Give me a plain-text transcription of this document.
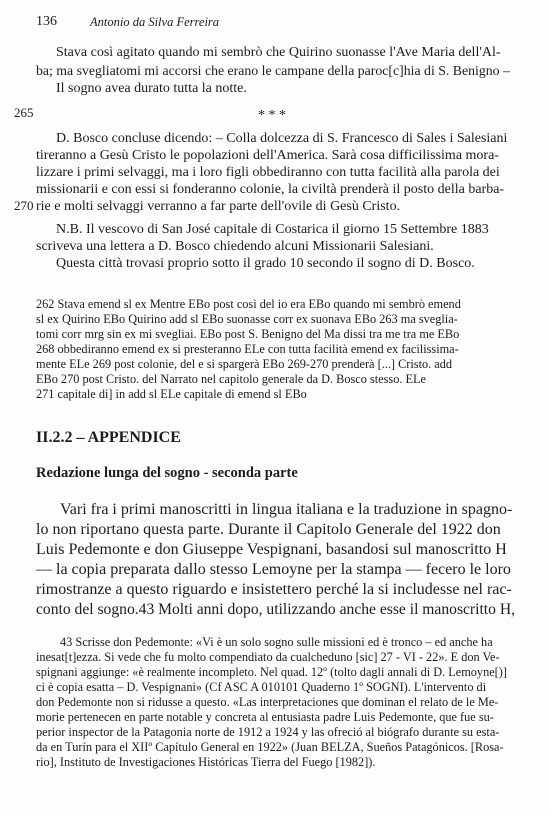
136	Antonio da Silva Ferreira
Stava così agitato quando mi sembrò che Quirino suonasse l'Ave Maria dell'Al-
ba; ma svegliatomi mi accorsi che erano le campane della paroc[c]hia di S. Benigno –
Il sogno avea durato tutta la notte.
265	* * *
D. Bosco concluse dicendo: – Colla dolcezza di S. Francesco di Sales i Salesiani
tireranno a Gesù Cristo le popolazioni dell'America. Sarà cosa difficilissima mora-
lizzare i primi selvaggi, ma i loro figli obbediranno con tutta facilità alla parola dei
missionarii e con essi si fonderanno colonie, la civiltà prenderà il posto della barba-
270 rie e molti selvaggi verranno a far parte dell'ovile di Gesù Cristo.
N.B. Il vescovo di San José capitale di Costarica il giorno 15 Settembre 1883
scriveva una lettera a D. Bosco chiedendo alcuni Missionarii Salesiani.
Questa città trovasi proprio sotto il grado 10 secondo il sogno di D. Bosco.
262 Stava emend sl ex Mentre EBo post così del io era EBo quando mi sembrò emend
sl ex Quirino EBo Quirino add sl EBo suonasse corr ex suonava EBo 263 ma sveglia-
tomi corr mrg sin ex mi svegliai. EBo post S. Benigno del Ma dissi tra me tra me EBo
268 obbediranno emend ex si presteranno ELe con tutta facilità emend ex facilissima-
mente ELe 269 post colonie, del e si spargerà EBo 269-270 prenderà [...] Cristo. add
EBo 270 post Cristo. del Narrato nel capitolo generale da D. Bosco stesso. ELe
271 capitale di] in add sl ELe capitale di emend sl EBo
II.2.2 – APPENDICE
Redazione lunga del sogno - seconda parte
Vari fra i primi manoscritti in lingua italiana e la traduzione in spagno-
lo non riportano questa parte. Durante il Capitolo Generale del 1922 don
Luis Pedemonte e don Giuseppe Vespignani, basandosi sul manoscritto H
— la copia preparata dallo stesso Lemoyne per la stampa — fecero le loro
rimostranze a questo riguardo e insistettero perché la si includesse nel rac-
conto del sogno.43 Molti anni dopo, utilizzando anche esse il manoscritto H,
43 Scrisse don Pedemonte: «Vi è un solo sogno sulle missioni ed è tronco – ed anche ha
inesat[t]ezza. Si vede che fu molto compendiato da cualcheduno [sic] 27 - VI - 22». E don Ve-
spignani aggiunge: «è realmente incompleto. Nel quad. 12º (tolto dagli annali di D. Lemoyne[)]
ci è copia esatta – D. Vespignani» (Cf ASC A 010101 Quaderno 1º SOGNI). L'intervento di
don Pedemonte non si ridusse a questo. «Las interpretaciones que dominan el relato de le Me-
morie pertenecen en parte notable y concreta al entusiasta padre Luis Pedemonte, que fue su-
perior inspector de la Patagonia norte de 1912 a 1924 y las ofreció al biógrafo durante su esta-
da en Turín para el XIIº Capítulo General en 1922» (Juan BELZA, Sueños Patagónicos. [Rosa-
rio], Instituto de Investigaciones Históricas Tierra del Fuego [1982]).
